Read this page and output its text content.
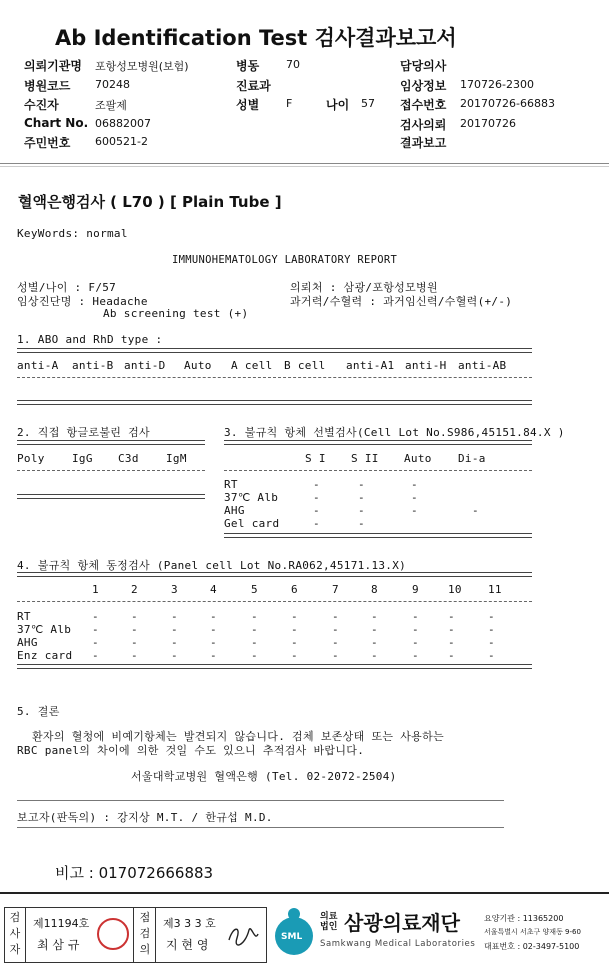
Ab Identification Test 검사결과보고서
의뢰기관명 포항성모병원(보험)
병원코드 70248
수진자	조팔제
Chart No. 06882007
주민번호 600521-2
병동 70
진료과
성별 F	나이 57
담당의사
임상정보 170726-2300
접수번호 20170726-66883
검사의뢰 20170726
결과보고
혈액은행검사 ( L70 ) [ Plain Tube ]
KeyWords: normal
IMMUNOHEMATOLOGY LABORATORY REPORT
성별/나이 : F/57
임상진단명 : Headache
Ab screening test (+)
의뢰처 : 삼광/포항성모병원
과거력/수혈력 : 과거임신력/수혈력(+/-)
1. ABO and RhD type :
anti-A anti-B anti-D Auto A cell B cell anti-A1 anti-H anti-AB
2. 직접 항글로불린 검사
Poly IgG C3d IgM
3. 불규칙 항체 선별검사(Cell Lot No.S986,45151.84.X )
S I S II Auto Di-a
RT	-	-	-
37℃ Alb	-	-	-
AHG	-	-	-	-
Gel card	-	-
4. 불규칙 항체 동정검사 (Panel cell Lot No.RA062,45171.13.X)
1	2	3	4	5	6	7	8	9	10 11
RT	-	-	-	-	-	-	-	-	-	-	-
37℃ Alb -	-	-	-	-	-	-	-	-	-	-
AHG	-	-	-	-	-	-	-	-	-	-	-
Enz card -	-	-	-	-	-	-	-	-	-	-
5. 결론
환자의 혈청에 비예기항체는 발견되지 않습니다. 검체 보존상태 또는 사용하는
RBC panel의 차이에 의한 것일 수도 있으니 추적검사 바랍니다.
서울대학교병원 혈액은행 (Tel. 02-2072-2504)
보고자(판독의) : 강지상 M.T. / 한규섭 M.D.
비고 : 017072666883
검사자
제11194호
최 삼 규
점검의
제3 3 3 호
지 현 영
SML
의료법인 삼광의료재단
Samkwang Medical Laboratories
요양기관 : 11365200
서울특별시 서초구 양재동 9-60
대표번호 : 02-3497-5100
